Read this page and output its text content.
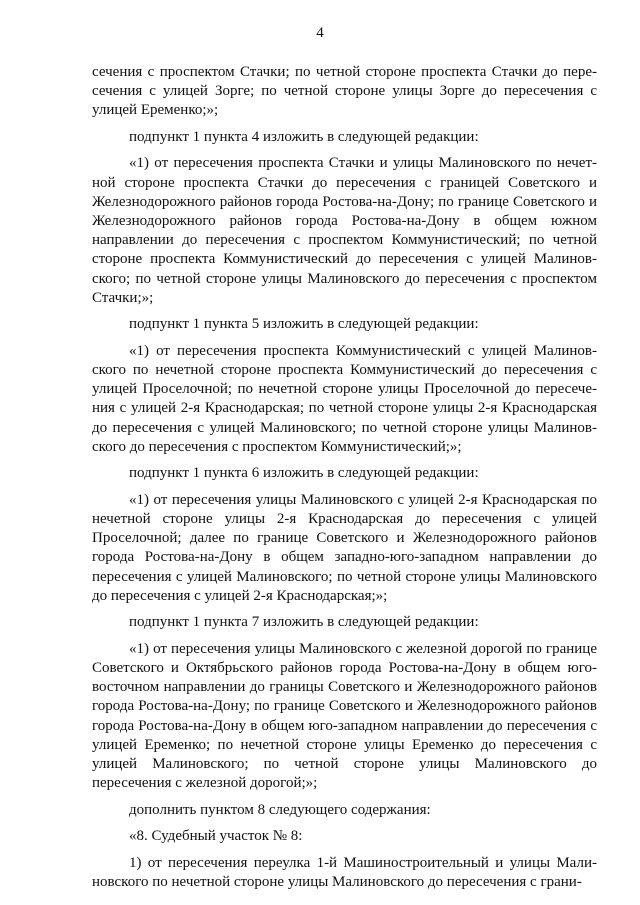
4

сечения с проспектом Стачки; по четной стороне проспекта Стачки до пересечения с улицей Зорге; по четной стороне улицы Зорге до пересечения с улицей Еременко;»;

подпункт 1 пункта 4 изложить в следующей редакции:

«1) от пересечения проспекта Стачки и улицы Малиновского по нечетной стороне проспекта Стачки до пересечения с границей Советского и Железнодорожного районов города Ростова-на-Дону; по границе Советского и Железнодорожного районов города Ростова-на-Дону в общем южном направлении до пересечения с проспектом Коммунистический; по четной стороне проспекта Коммунистический до пересечения с улицей Малиновского; по четной стороне улицы Малиновского до пересечения с проспектом Стачки;»;

подпункт 1 пункта 5 изложить в следующей редакции:

«1) от пересечения проспекта Коммунистический с улицей Малиновского по нечетной стороне проспекта Коммунистический до пересечения с улицей Проселочной; по нечетной стороне улицы Проселочной до пересечения с улицей 2-я Краснодарская; по четной стороне улицы 2-я Краснодарская до пересечения с улицей Малиновского; по четной стороне улицы Малиновского до пересечения с проспектом Коммунистический;»;

подпункт 1 пункта 6 изложить в следующей редакции:

«1) от пересечения улицы Малиновского с улицей 2-я Краснодарская по нечетной стороне улицы 2-я Краснодарская до пересечения с улицей Проселочной; далее по границе Советского и Железнодорожного районов города Ростова-на-Дону в общем западно-юго-западном направлении до пересечения с улицей Малиновского; по четной стороне улицы Малиновского до пересечения с улицей 2-я Краснодарская;»;

подпункт 1 пункта 7 изложить в следующей редакции:

«1) от пересечения улицы Малиновского с железной дорогой по границе Советского и Октябрьского районов города Ростова-на-Дону в общем юго-восточном направлении до границы Советского и Железнодорожного районов города Ростова-на-Дону; по границе Советского и Железнодорожного районов города Ростова-на-Дону в общем юго-западном направлении до пересечения с улицей Еременко; по нечетной стороне улицы Еременко до пересечения с улицей Малиновского; по четной стороне улицы Малиновского до пересечения с железной дорогой;»;

дополнить пунктом 8 следующего содержания:

«8. Судебный участок № 8:

1) от пересечения переулка 1-й Машиностроительный и улицы Малиновского по нечетной стороне улицы Малиновского до пересечения с грани-
